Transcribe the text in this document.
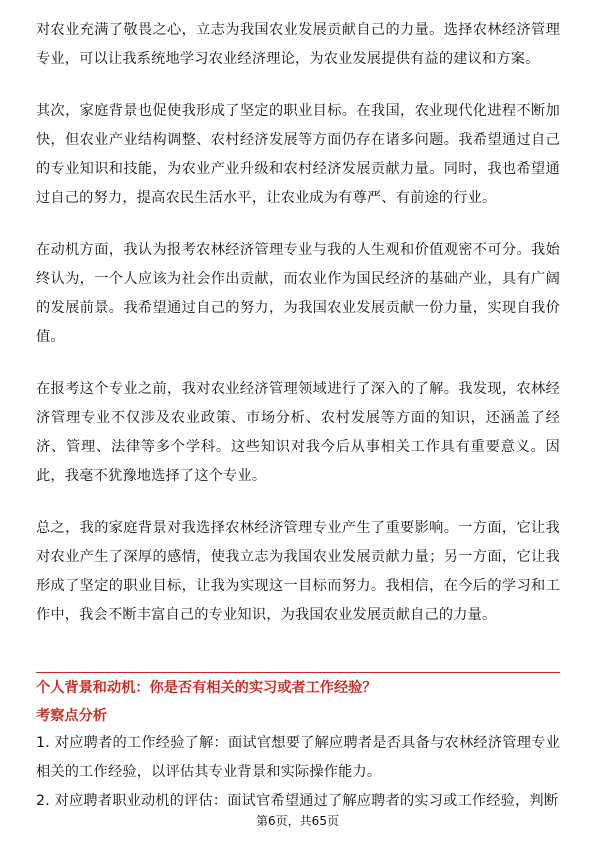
对农业充满了敬畏之心，立志为我国农业发展贡献自己的力量。选择农林经济管理专业，可以让我系统地学习农业经济理论，为农业发展提供有益的建议和方案。

其次，家庭背景也促使我形成了坚定的职业目标。在我国，农业现代化进程不断加快，但农业产业结构调整、农村经济发展等方面仍存在诸多问题。我希望通过自己的专业知识和技能，为农业产业升级和农村经济发展贡献力量。同时，我也希望通过自己的努力，提高农民生活水平，让农业成为有尊严、有前途的行业。

在动机方面，我认为报考农林经济管理专业与我的人生观和价值观密不可分。我始终认为，一个人应该为社会作出贡献，而农业作为国民经济的基础产业，具有广阔的发展前景。我希望通过自己的努力，为我国农业发展贡献一份力量，实现自我价值。

在报考这个专业之前，我对农业经济管理领域进行了深入的了解。我发现，农林经济管理专业不仅涉及农业政策、市场分析、农村发展等方面的知识，还涵盖了经济、管理、法律等多个学科。这些知识对我今后从事相关工作具有重要意义。因此，我毫不犹豫地选择了这个专业。

总之，我的家庭背景对我选择农林经济管理专业产生了重要影响。一方面，它让我对农业产生了深厚的感情，使我立志为我国农业发展贡献力量；另一方面，它让我形成了坚定的职业目标，让我为实现这一目标而努力。我相信，在今后的学习和工作中，我会不断丰富自己的专业知识，为我国农业发展贡献自己的力量。

个人背景和动机：你是否有相关的实习或者工作经验？

考察点分析

1. 对应聘者的工作经验了解：面试官想要了解应聘者是否具备与农林经济管理专业相关的工作经验，以评估其专业背景和实际操作能力。

2. 对应聘者职业动机的评估：面试官希望通过了解应聘者的实习或工作经验，判断

第6页，共65页
